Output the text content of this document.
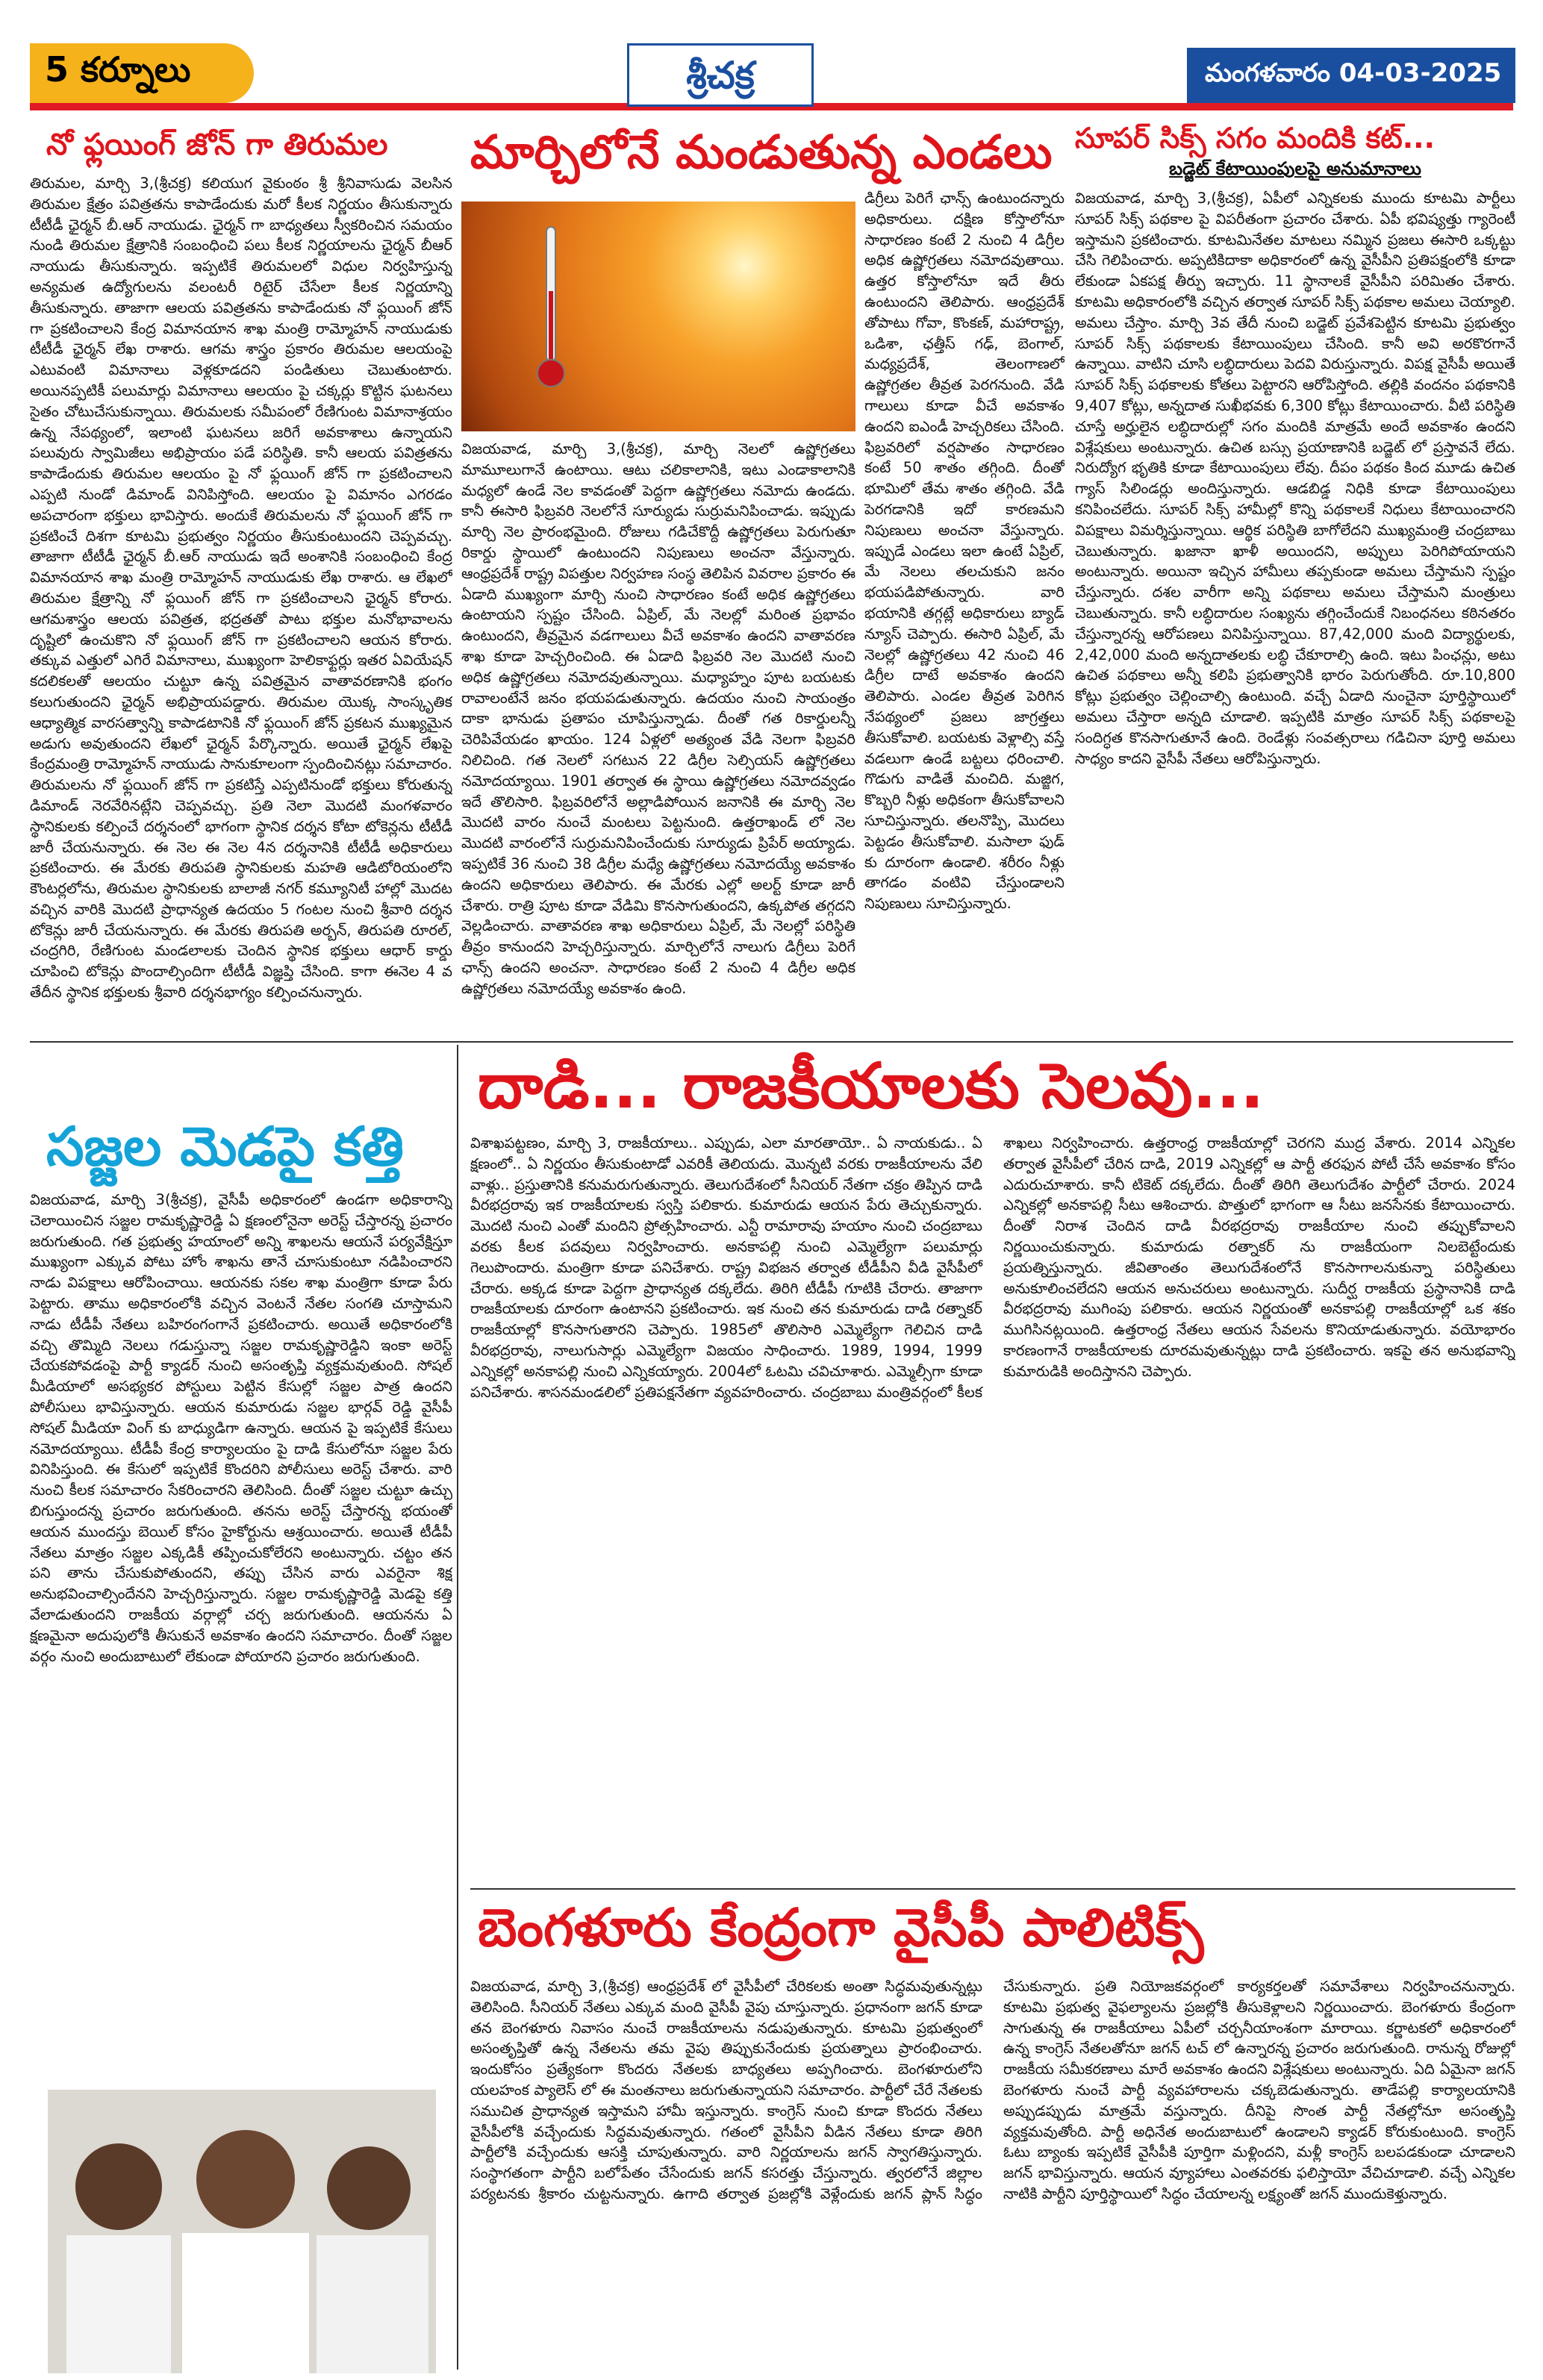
5 కర్నూలు	శ్రీచక్ర	మంగళవారం 04-03-2025
నో ఫ్లయింగ్ జోన్ గా తిరుమల
తిరుమల, మార్చి 3,(శ్రీచక్ర) కలియుగ వైకుంఠం శ్రీ శ్రీనివాసుడు వెలసిన తిరుమల క్షేత్రం పవిత్రతను కాపాడేందుకు మరో కీలక నిర్ణయం తీసుకున్నారు టీటీడీ ఛైర్మన్ బీ.ఆర్ నాయుడు. ఛైర్మన్ గా బాధ్యతలు స్వీకరించిన సమయం నుండి తిరుమల క్షేత్రానికి సంబంధించి పలు కీలక నిర్ణయాలను ఛైర్మన్ బీఆర్ నాయుడు తీసుకున్నారు. ఇప్పటికే తిరుమలలో విధుల నిర్వహిస్తున్న అన్యమత ఉద్యోగులను వలంటరీ రిటైర్ చేసేలా కీలక నిర్ణయాన్ని తీసుకున్నారు. తాజాగా ఆలయ పవిత్రతను కాపాడేందుకు నో ఫ్లయింగ్ జోన్ గా ప్రకటించాలని కేంద్ర విమానయాన శాఖ మంత్రి రామ్మోహన్ నాయుడుకు టీటీడీ ఛైర్మన్ లేఖ రాశారు. ఆగమ శాస్త్రం ప్రకారం తిరుమల ఆలయంపై ఎటువంటి విమానాలు వెళ్లకూడదని పండితులు చెబుతుంటారు. అయినప్పటికీ పలుమార్లు విమానాలు ఆలయం పై చక్కర్లు కొట్టిన ఘటనలు సైతం చోటుచేసుకున్నాయి. తిరుమలకు సమీపంలో రేణిగుంట విమానాశ్రయం ఉన్న నేపథ్యంలో, ఇలాంటి ఘటనలు జరిగే అవకాశాలు ఉన్నాయని పలువురు స్వామిజీలు అభిప్రాయం పడే పరిస్థితి. కానీ ఆలయ పవిత్రతను కాపాడేందుకు తిరుమల ఆలయం పై నో ఫ్లయింగ్ జోన్ గా ప్రకటించాలని ఎప్పటి నుండో డిమాండ్ వినిపిస్తోంది. ఆలయం పై విమానం ఎగరడం అపచారంగా భక్తులు భావిస్తారు. అందుకే తిరుమలను నో ఫ్లయింగ్ జోన్ గా ప్రకటించే దిశగా కూటమి ప్రభుత్వం నిర్ణయం తీసుకుంటుందని చెప్పవచ్చు. తాజాగా టీటీడీ ఛైర్మన్ బీ.ఆర్ నాయుడు ఇదే అంశానికి సంబంధించి కేంద్ర విమానయాన శాఖ మంత్రి రామ్మోహన్ నాయుడుకు లేఖ రాశారు. ఆ లేఖలో తిరుమల క్షేత్రాన్ని నో ఫ్లయింగ్ జోన్ గా ప్రకటించాలని ఛైర్మన్ కోరారు. ఆగమశాస్త్రం ఆలయ పవిత్రత, భద్రతతో పాటు భక్తుల మనోభావాలను దృష్టిలో ఉంచుకొని నో ఫ్లయింగ్ జోన్ గా ప్రకటించాలని ఆయన కోరారు. తక్కువ ఎత్తులో ఎగిరే విమానాలు, ముఖ్యంగా హెలికాఫ్టర్లు ఇతర ఏవియేషన్ కదలికలతో ఆలయం చుట్టూ ఉన్న పవిత్రమైన వాతావరణానికి భంగం కలుగుతుందని ఛైర్మన్ అభిప్రాయపడ్డారు. తిరుమల యొక్క సాంస్కృతిక ఆధ్యాత్మిక వారసత్వాన్ని కాపాడటానికి నో ఫ్లయింగ్ జోన్ ప్రకటన ముఖ్యమైన అడుగు అవుతుందని లేఖలో ఛైర్మన్ పేర్కొన్నారు. అయితే ఛైర్మన్ లేఖపై కేంద్రమంత్రి రామ్మోహన్ నాయుడు సానుకూలంగా స్పందించినట్లు సమాచారం. తిరుమలను నో ఫ్లయింగ్ జోన్ గా ప్రకటిస్తే ఎప్పటినుండో భక్తులు కోరుతున్న డిమాండ్ నెరవేరినట్లేని చెప్పవచ్చు. ప్రతి నెలా మొదటి మంగళవారం స్థానికులకు కల్పించే దర్శనంలో భాగంగా స్థానిక దర్శన కోటా టోకెన్లను టీటీడీ జారీ చేయనున్నారు. ఈ నెల ఈ నెల 4న దర్శనానికి టీటీడీ అధికారులు ప్రకటించారు. ఈ మేరకు తిరుపతి స్థానికులకు మహతి ఆడిటోరియంలోని కౌంటర్లలోను, తిరుమల స్థానికులకు బాలాజీ నగర్ కమ్యూనిటీ హాల్లో మొదట వచ్చిన వారికి మొదటి ప్రాధాన్యత ఉదయం 5 గంటల నుంచి శ్రీవారి దర్శన టోకెన్లు జారీ చేయనున్నారు. ఈ మేరకు తిరుపతి అర్బన్, తిరుపతి రూరల్, చంద్రగిరి, రేణిగుంట మండలాలకు చెందిన స్థానిక భక్తులు ఆధార్ కార్డు చూపించి టోకెన్లు పొందాల్సిందిగా టీటీడీ విజ్ఞప్తి చేసింది. కాగా ఈనెల 4 వ తేదీన స్థానిక భక్తులకు శ్రీవారి దర్శనభాగ్యం కల్పించనున్నారు.
మార్చిలోనే మండుతున్న ఎండలు
విజయవాడ, మార్చి 3,(శ్రీచక్ర), మార్చి నెలలో ఉష్ణోగ్రతలు మామూలుగానే ఉంటాయి. ఆటు చలికాలానికి, ఇటు ఎండాకాలానికి మధ్యలో ఉండే నెల కావడంతో పెద్దగా ఉష్ణోగ్రతలు నమోదు ఉండదు. కానీ ఈసారి ఫిబ్రవరి నెలలోనే సూర్యుడు సుర్రుమనిపించాడు. ఇప్పుడు మార్చి నెల ప్రారంభమైంది. రోజులు గడిచేకొద్దీ ఉష్ణోగ్రతలు పెరుగుతూ రికార్డు స్థాయిలో ఉంటుందని నిపుణులు అంచనా వేస్తున్నారు. ఆంధ్రప్రదేశ్ రాష్ట్ర విపత్తుల నిర్వహణ సంస్థ తెలిపిన వివరాల ప్రకారం ఈ ఏడాది ముఖ్యంగా మార్చి నుంచి సాధారణం కంటే అధిక ఉష్ణోగ్రతలు ఉంటాయని స్పష్టం చేసింది. ఏప్రిల్, మే నెలల్లో మరింత ప్రభావం ఉంటుందని, తీవ్రమైన వడగాలులు వీచే అవకాశం ఉందని వాతావరణ శాఖ కూడా హెచ్చరించింది. ఈ ఏడాది ఫిబ్రవరి నెల మొదటి నుంచి అధిక ఉష్ణోగ్రతలు నమోదవుతున్నాయి. మధ్యాహ్నం పూట బయటకు రావాలంటేనే జనం భయపడుతున్నారు. ఉదయం నుంచి సాయంత్రం దాకా భానుడు ప్రతాపం చూపిస్తున్నాడు. దీంతో గత రికార్డులన్నీ చెరిపివేయడం ఖాయం. 124 ఏళ్లలో అత్యంత వేడి నెలగా ఫిబ్రవరి నిలిచింది. గత నెలలో సగటున 22 డిగ్రీల సెల్సియస్ ఉష్ణోగ్రతలు నమోదయ్యాయి. 1901 తర్వాత ఈ స్థాయి ఉష్ణోగ్రతలు నమోదవ్వడం ఇదే తొలిసారి. ఫిబ్రవరిలోనే అల్లాడిపోయిన జనానికి ఈ మార్చి నెల మొదటి వారం నుంచే మంటలు పెట్టనుంది. ఉత్తరాఖండ్ లో నెల మొదటి వారంలోనే సుర్రుమనిపించేందుకు సూర్యుడు ప్రిపేర్ అయ్యాడు. ఇప్పటికే 36 నుంచి 38 డిగ్రీల మధ్యే ఉష్ణోగ్రతలు నమోదయ్యే అవకాశం ఉందని అధికారులు తెలిపారు. ఈ మేరకు ఎల్లో అలర్ట్ కూడా జారీ చేశారు. రాత్రి పూట కూడా వేడిమి కొనసాగుతుందని, ఉక్కపోత తగ్గదని వెల్లడించారు. వాతావరణ శాఖ అధికారులు ఏప్రిల్, మే నెలల్లో పరిస్థితి తీవ్రం కానుందని హెచ్చరిస్తున్నారు. మార్చిలోనే నాలుగు డిగ్రీలు పెరిగే ఛాన్స్ ఉందని అంచనా. సాధారణం కంటే 2 నుంచి 4 డిగ్రీల అధిక ఉష్ణోగ్రతలు నమోదయ్యే అవకాశం ఉంది.
డిగ్రీలు పెరిగే ఛాన్స్ ఉంటుందన్నారు అధికారులు. దక్షిణ కోస్తాలోనూ సాధారణం కంటే 2 నుంచి 4 డిగ్రీల అధిక ఉష్ణోగ్రతలు నమోదవుతాయి. ఉత్తర కోస్తాలోనూ ఇదే తీరు ఉంటుందని తెలిపారు. ఆంధ్రప్రదేశ్ తోపాటు గోవా, కొంకణ్, మహారాష్ట్ర, ఒడిశా, ఛత్తీస్ గఢ్, బెంగాల్, మధ్యప్రదేశ్, తెలంగాణలో ఉష్ణోగ్రతల తీవ్రత పెరగనుంది. వేడి గాలులు కూడా వీచే అవకాశం ఉందని ఐఎండీ హెచ్చరికలు చేసింది. ఫిబ్రవరిలో వర్షపాతం సాధారణం కంటే 50 శాతం తగ్గింది. దీంతో భూమిలో తేమ శాతం తగ్గింది. వేడి పెరగడానికి ఇదో కారణమని నిపుణులు అంచనా వేస్తున్నారు. ఇప్పుడే ఎండలు ఇలా ఉంటే ఏప్రిల్, మే నెలలు తలచుకుని జనం భయపడిపోతున్నారు. వారి భయానికి తగ్గట్లే అధికారులు బ్యాడ్ న్యూస్ చెప్పారు. ఈసారి ఏప్రిల్, మే నెలల్లో ఉష్ణోగ్రతలు 42 నుంచి 46 డిగ్రీల దాటే అవకాశం ఉందని తెలిపారు. ఎండల తీవ్రత పెరిగిన నేపథ్యంలో ప్రజలు జాగ్రత్తలు తీసుకోవాలి. బయటకు వెళ్లాల్సి వస్తే వడలుగా ఉండే బట్టలు ధరించాలి. గొడుగు వాడితే మంచిది. మజ్జిగ, కొబ్బరి నీళ్లు అధికంగా తీసుకోవాలని సూచిస్తున్నారు. తలనొప్పి, మొదలు పెట్టడం తీసుకోవాలి. మసాలా ఫుడ్ కు దూరంగా ఉండాలి. శరీరం నీళ్లు తాగడం వంటివి చేస్తుండాలని నిపుణులు సూచిస్తున్నారు.
సూపర్ సిక్స్ సగం మందికి కట్...
బడ్జెట్ కేటాయింపులపై అనుమానాలు
విజయవాడ, మార్చి 3,(శ్రీచక్ర), ఏపీలో ఎన్నికలకు ముందు కూటమి పార్టీలు సూపర్ సిక్స్ పథకాల పై విపరీతంగా ప్రచారం చేశారు. ఏపీ భవిష్యత్తు గ్యారెంటీ ఇస్తామని ప్రకటించారు. కూటమినేతల మాటలు నమ్మిన ప్రజలు ఈసారి ఒక్కట్టు చేసి గెలిపించారు. అప్పటికిదాకా అధికారంలో ఉన్న వైసీపీని ప్రతిపక్షంలోకి కూడా లేకుండా ఏకపక్ష తీర్పు ఇచ్చారు. 11 స్థానాలకే వైసీపీని పరిమితం చేశారు. కూటమి అధికారంలోకి వచ్చిన తర్వాత సూపర్ సిక్స్ పథకాల అమలు చెయ్యాలి. అమలు చేస్తాం. మార్చి 3వ తేదీ నుంచి బడ్జెట్ ప్రవేశపెట్టిన కూటమి ప్రభుత్వం సూపర్ సిక్స్ పథకాలకు కేటాయింపులు చేసింది. కానీ అవి అరకొరగానే ఉన్నాయి. వాటిని చూసి లబ్ధిదారులు పెదవి విరుస్తున్నారు. విపక్ష వైసీపీ అయితే సూపర్ సిక్స్ పథకాలకు కోతలు పెట్టారని ఆరోపిస్తోంది. తల్లికి వందనం పథకానికి 9,407 కోట్లు, అన్నదాత సుఖీభవకు 6,300 కోట్లు కేటాయించారు. వీటి పరిస్థితి చూస్తే అర్హులైన లబ్ధిదారుల్లో సగం మందికి మాత్రమే అందే అవకాశం ఉందని విశ్లేషకులు అంటున్నారు. ఉచిత బస్సు ప్రయాణానికి బడ్జెట్ లో ప్రస్తావనే లేదు. నిరుద్యోగ భృతికి కూడా కేటాయింపులు లేవు. దీపం పథకం కింద మూడు ఉచిత గ్యాస్ సిలిండర్లు అందిస్తున్నారు. ఆడబిడ్డ నిధికి కూడా కేటాయింపులు కనిపించలేదు. సూపర్ సిక్స్ హామీల్లో కొన్ని పథకాలకే నిధులు కేటాయించారని విపక్షాలు విమర్శిస్తున్నాయి. ఆర్థిక పరిస్థితి బాగోలేదని ముఖ్యమంత్రి చంద్రబాబు చెబుతున్నారు. ఖజానా ఖాళీ అయిందని, అప్పులు పెరిగిపోయాయని అంటున్నారు. అయినా ఇచ్చిన హామీలు తప్పకుండా అమలు చేస్తామని స్పష్టం చేస్తున్నారు. దశల వారీగా అన్ని పథకాలు అమలు చేస్తామని మంత్రులు చెబుతున్నారు. కానీ లబ్ధిదారుల సంఖ్యను తగ్గించేందుకే నిబంధనలు కఠినతరం చేస్తున్నారన్న ఆరోపణలు వినిపిస్తున్నాయి. 87,42,000 మంది విద్యార్థులకు, 2,42,000 మంది అన్నదాతలకు లబ్ధి చేకూరాల్సి ఉంది. ఇటు పింఛన్లు, అటు ఉచిత పథకాలు అన్నీ కలిపి ప్రభుత్వానికి భారం పెరుగుతోంది. రూ.10,800 కోట్లు ప్రభుత్వం చెల్లించాల్సి ఉంటుంది. వచ్చే ఏడాది నుంచైనా పూర్తిస్థాయిలో అమలు చేస్తారా అన్నది చూడాలి. ఇప్పటికి మాత్రం సూపర్ సిక్స్ పథకాలపై సందిగ్ధత కొనసాగుతూనే ఉంది. రెండేళ్లు సంవత్సరాలు గడిచినా పూర్తి అమలు సాధ్యం కాదని వైసీపీ నేతలు ఆరోపిస్తున్నారు.
దాడి... రాజకీయాలకు సెలవు...
సజ్జల మెడపై కత్తి
విజయవాడ, మార్చి 3(శ్రీచక్ర), వైసీపీ అధికారంలో ఉండగా అధికారాన్ని చెలాయించిన సజ్జల రామకృష్ణారెడ్డి ఏ క్షణంలోనైనా అరెస్ట్ చేస్తారన్న ప్రచారం జరుగుతుంది. గత ప్రభుత్వ హయాంలో అన్ని శాఖలను ఆయనే పర్యవేక్షిస్తూ ముఖ్యంగా ఎక్కువ పోటు హోం శాఖను తానే చూసుకుంటూ నడిపించారని నాడు విపక్షాలు ఆరోపించాయి. ఆయనకు సకల శాఖ మంత్రిగా కూడా పేరు పెట్టారు. తాము అధికారంలోకి వచ్చిన వెంటనే నేతల సంగతి చూస్తామని నాడు టీడీపీ నేతలు బహిరంగంగానే ప్రకటించారు. అయితే అధికారంలోకి వచ్చి తొమ్మిది నెలలు గడుస్తున్నా సజ్జల రామకృష్ణారెడ్డిని ఇంకా అరెస్ట్ చేయకపోవడంపై పార్టీ క్యాడర్ నుంచి అసంతృప్తి వ్యక్తమవుతుంది. సోషల్ మీడియాలో అసభ్యకర పోస్టులు పెట్టిన కేసుల్లో సజ్జల పాత్ర ఉందని పోలీసులు భావిస్తున్నారు. ఆయన కుమారుడు సజ్జల భార్గవ్ రెడ్డి వైసీపీ సోషల్ మీడియా వింగ్ కు బాధ్యుడిగా ఉన్నారు. ఆయన పై ఇప్పటికే కేసులు నమోదయ్యాయి. టీడీపీ కేంద్ర కార్యాలయం పై దాడి కేసులోనూ సజ్జల పేరు వినిపిస్తుంది. ఈ కేసులో ఇప్పటికే కొందరిని పోలీసులు అరెస్ట్ చేశారు. వారి నుంచి కీలక సమాచారం సేకరించారని తెలిసింది. దీంతో సజ్జల చుట్టూ ఉచ్చు బిగుస్తుందన్న ప్రచారం జరుగుతుంది. తనను అరెస్ట్ చేస్తారన్న భయంతో ఆయన ముందస్తు బెయిల్ కోసం హైకోర్టును ఆశ్రయించారు. అయితే టీడీపీ నేతలు మాత్రం సజ్జల ఎక్కడికీ తప్పించుకోలేరని అంటున్నారు. చట్టం తన పని తాను చేసుకుపోతుందని, తప్పు చేసిన వారు ఎవరైనా శిక్ష అనుభవించాల్సిందేనని హెచ్చరిస్తున్నారు. సజ్జల రామకృష్ణారెడ్డి మెడపై కత్తి వేలాడుతుందని రాజకీయ వర్గాల్లో చర్చ జరుగుతుంది. ఆయనను ఏ క్షణమైనా అదుపులోకి తీసుకునే అవకాశం ఉందని సమాచారం. దీంతో సజ్జల వర్గం నుంచి అందుబాటులో లేకుండా పోయారని ప్రచారం జరుగుతుంది.
విశాఖపట్టణం, మార్చి 3, రాజకీయాలు.. ఎప్పుడు, ఎలా మారతాయో.. ఏ నాయకుడు.. ఏ క్షణంలో.. ఏ నిర్ణయం తీసుకుంటాడో ఎవరికీ తెలియదు. మొన్నటి వరకు రాజకీయాలను వేలి వాళ్లు.. ప్రస్తుతానికి కనుమరుగుతున్నారు. తెలుగుదేశంలో సీనియర్ నేతగా చక్రం తిప్పిన దాడి వీరభద్రరావు ఇక రాజకీయాలకు స్వస్తి పలికారు. కుమారుడు ఆయన పేరు తెచ్చుకున్నారు. మొదటి నుంచి ఎంతో మందిని ప్రోత్సహించారు. ఎన్టీ రామారావు హయాం నుంచి చంద్రబాబు వరకు కీలక పదవులు నిర్వహించారు. అనకాపల్లి నుంచి ఎమ్మెల్యేగా పలుమార్లు గెలుపొందారు. మంత్రిగా కూడా పనిచేశారు. రాష్ట్ర విభజన తర్వాత టీడీపీని వీడి వైసీపీలో చేరారు. అక్కడ కూడా పెద్దగా ప్రాధాన్యత దక్కలేదు. తిరిగి టీడీపీ గూటికి చేరారు. తాజాగా రాజకీయాలకు దూరంగా ఉంటానని ప్రకటించారు. ఇక నుంచి తన కుమారుడు దాడి రత్నాకర్ రాజకీయాల్లో కొనసాగుతారని చెప్పారు. 1985లో తొలిసారి ఎమ్మెల్యేగా గెలిచిన దాడి వీరభద్రరావు, నాలుగుసార్లు ఎమ్మెల్యేగా విజయం సాధించారు. 1989, 1994, 1999 ఎన్నికల్లో అనకాపల్లి నుంచి ఎన్నికయ్యారు. 2004లో ఓటమి చవిచూశారు. ఎమ్మెల్సీగా కూడా పనిచేశారు. శాసనమండలిలో ప్రతిపక్షనేతగా వ్యవహరించారు. చంద్రబాబు మంత్రివర్గంలో కీలక శాఖలు నిర్వహించారు. ఉత్తరాంధ్ర రాజకీయాల్లో చెరగని ముద్ర వేశారు. 2014 ఎన్నికల తర్వాత వైసీపీలో చేరిన దాడి, 2019 ఎన్నికల్లో ఆ పార్టీ తరఫున పోటీ చేసే అవకాశం కోసం ఎదురుచూశారు. కానీ టికెట్ దక్కలేదు. దీంతో తిరిగి తెలుగుదేశం పార్టీలో చేరారు. 2024 ఎన్నికల్లో అనకాపల్లి సీటు ఆశించారు. పొత్తులో భాగంగా ఆ సీటు జనసేనకు కేటాయించారు. దీంతో నిరాశ చెందిన దాడి వీరభద్రరావు రాజకీయాల నుంచి తప్పుకోవాలని నిర్ణయించుకున్నారు. కుమారుడు రత్నాకర్ ను రాజకీయంగా నిలబెట్టేందుకు ప్రయత్నిస్తున్నారు. జీవితాంతం తెలుగుదేశంలోనే కొనసాగాలనుకున్నా పరిస్థితులు అనుకూలించలేదని ఆయన అనుచరులు అంటున్నారు. సుదీర్ఘ రాజకీయ ప్రస్థానానికి దాడి వీరభద్రరావు ముగింపు పలికారు. ఆయన నిర్ణయంతో అనకాపల్లి రాజకీయాల్లో ఒక శకం ముగిసినట్లయింది. ఉత్తరాంధ్ర నేతలు ఆయన సేవలను కొనియాడుతున్నారు. వయోభారం కారణంగానే రాజకీయాలకు దూరమవుతున్నట్లు దాడి ప్రకటించారు. ఇకపై తన అనుభవాన్ని కుమారుడికి అందిస్తానని చెప్పారు.
బెంగళూరు కేంద్రంగా వైసీపీ పాలిటిక్స్
విజయవాడ, మార్చి 3,(శ్రీచక్ర) ఆంధ్రప్రదేశ్ లో వైసీపీలో చేరికలకు అంతా సిద్ధమవుతున్నట్లు తెలిసింది. సీనియర్ నేతలు ఎక్కువ మంది వైసీపీ వైపు చూస్తున్నారు. ప్రధానంగా జగన్ కూడా తన బెంగళూరు నివాసం నుంచే రాజకీయాలను నడుపుతున్నారు. కూటమి ప్రభుత్వంలో అసంతృప్తితో ఉన్న నేతలను తమ వైపు తిప్పుకునేందుకు ప్రయత్నాలు ప్రారంభించారు. ఇందుకోసం ప్రత్యేకంగా కొందరు నేతలకు బాధ్యతలు అప్పగించారు. బెంగళూరులోని యలహంక ప్యాలెస్ లో ఈ మంతనాలు జరుగుతున్నాయని సమాచారం. పార్టీలో చేరే నేతలకు సముచిత ప్రాధాన్యత ఇస్తామని హామీ ఇస్తున్నారు. కాంగ్రెస్ నుంచి కూడా కొందరు నేతలు వైసీపీలోకి వచ్చేందుకు సిద్ధమవుతున్నారు. గతంలో వైసీపీని వీడిన నేతలు కూడా తిరిగి పార్టీలోకి వచ్చేందుకు ఆసక్తి చూపుతున్నారు. వారి నిర్ణయాలను జగన్ స్వాగతిస్తున్నారు. సంస్థాగతంగా పార్టీని బలోపేతం చేసేందుకు జగన్ కసరత్తు చేస్తున్నారు. త్వరలోనే జిల్లాల పర్యటనకు శ్రీకారం చుట్టనున్నారు. ఉగాది తర్వాత ప్రజల్లోకి వెళ్లేందుకు జగన్ ప్లాన్ సిద్ధం చేసుకున్నారు. ప్రతి నియోజకవర్గంలో కార్యకర్తలతో సమావేశాలు నిర్వహించనున్నారు. కూటమి ప్రభుత్వ వైఫల్యాలను ప్రజల్లోకి తీసుకెళ్లాలని నిర్ణయించారు. బెంగళూరు కేంద్రంగా సాగుతున్న ఈ రాజకీయాలు ఏపీలో చర్చనీయాంశంగా మారాయి. కర్ణాటకలో అధికారంలో ఉన్న కాంగ్రెస్ నేతలతోనూ జగన్ టచ్ లో ఉన్నారన్న ప్రచారం జరుగుతుంది. రానున్న రోజుల్లో రాజకీయ సమీకరణాలు మారే అవకాశం ఉందని విశ్లేషకులు అంటున్నారు. ఏది ఏమైనా జగన్ బెంగళూరు నుంచే పార్టీ వ్యవహారాలను చక్కబెడుతున్నారు. తాడేపల్లి కార్యాలయానికి అప్పుడప్పుడు మాత్రమే వస్తున్నారు. దీనిపై సొంత పార్టీ నేతల్లోనూ అసంతృప్తి వ్యక్తమవుతోంది. పార్టీ అధినేత అందుబాటులో ఉండాలని క్యాడర్ కోరుకుంటుంది. కాంగ్రెస్ ఓటు బ్యాంకు ఇప్పటికే వైసీపీకి పూర్తిగా మళ్లిందని, మళ్లీ కాంగ్రెస్ బలపడకుండా చూడాలని జగన్ భావిస్తున్నారు. ఆయన వ్యూహాలు ఎంతవరకు ఫలిస్తాయో వేచిచూడాలి. వచ్చే ఎన్నికల నాటికి పార్టీని పూర్తిస్థాయిలో సిద్ధం చేయాలన్న లక్ష్యంతో జగన్ ముందుకెళ్తున్నారు.
